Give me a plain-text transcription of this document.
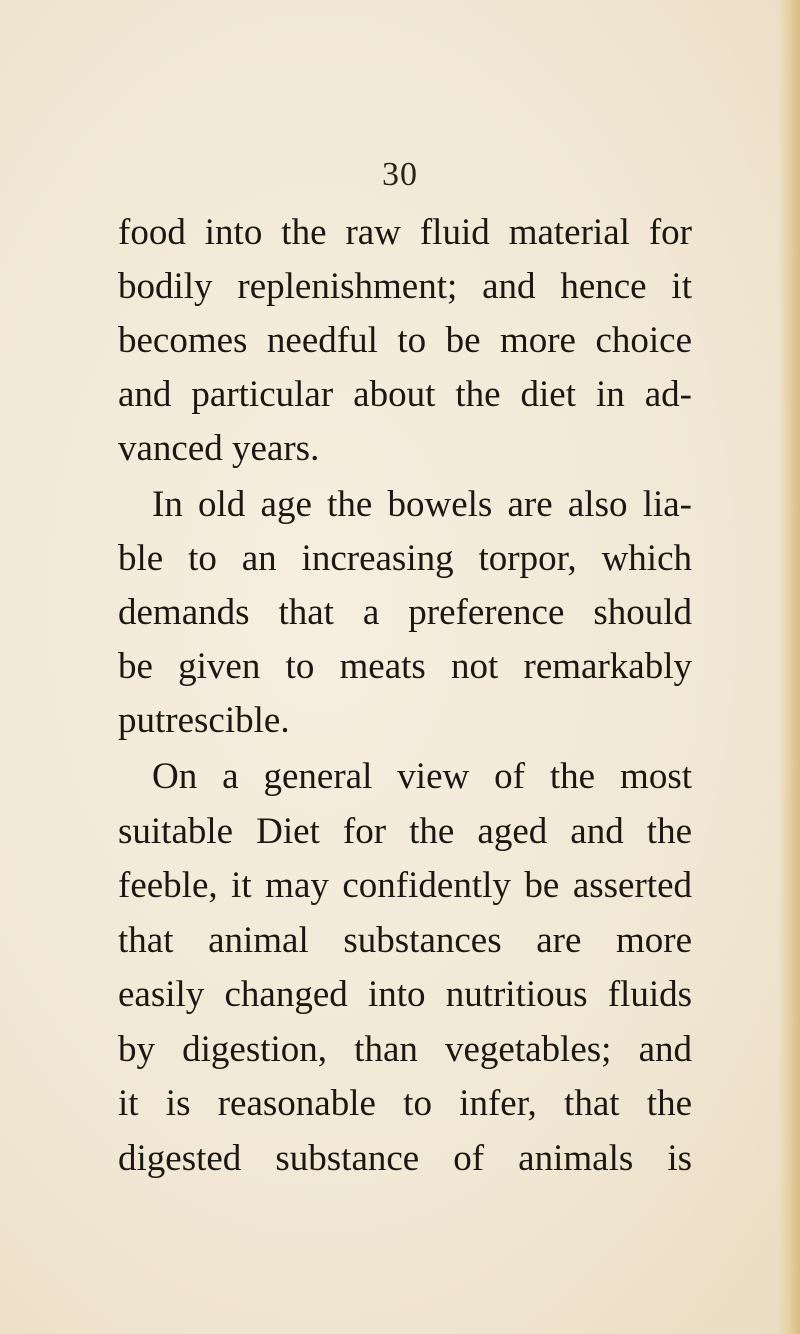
30
food into the raw fluid material for
bodily replenishment; and hence it
becomes needful to be more choice
and particular about the diet in ad-
vanced years.
In old age the bowels are also lia-
ble to an increasing torpor, which
demands that a preference should
be given to meats not remarkably
putrescible.
On a general view of the most
suitable Diet for the aged and the
feeble, it may confidently be asserted
that animal substances are more
easily changed into nutritious fluids
by digestion, than vegetables; and
it is reasonable to infer, that the
digested substance of animals is
